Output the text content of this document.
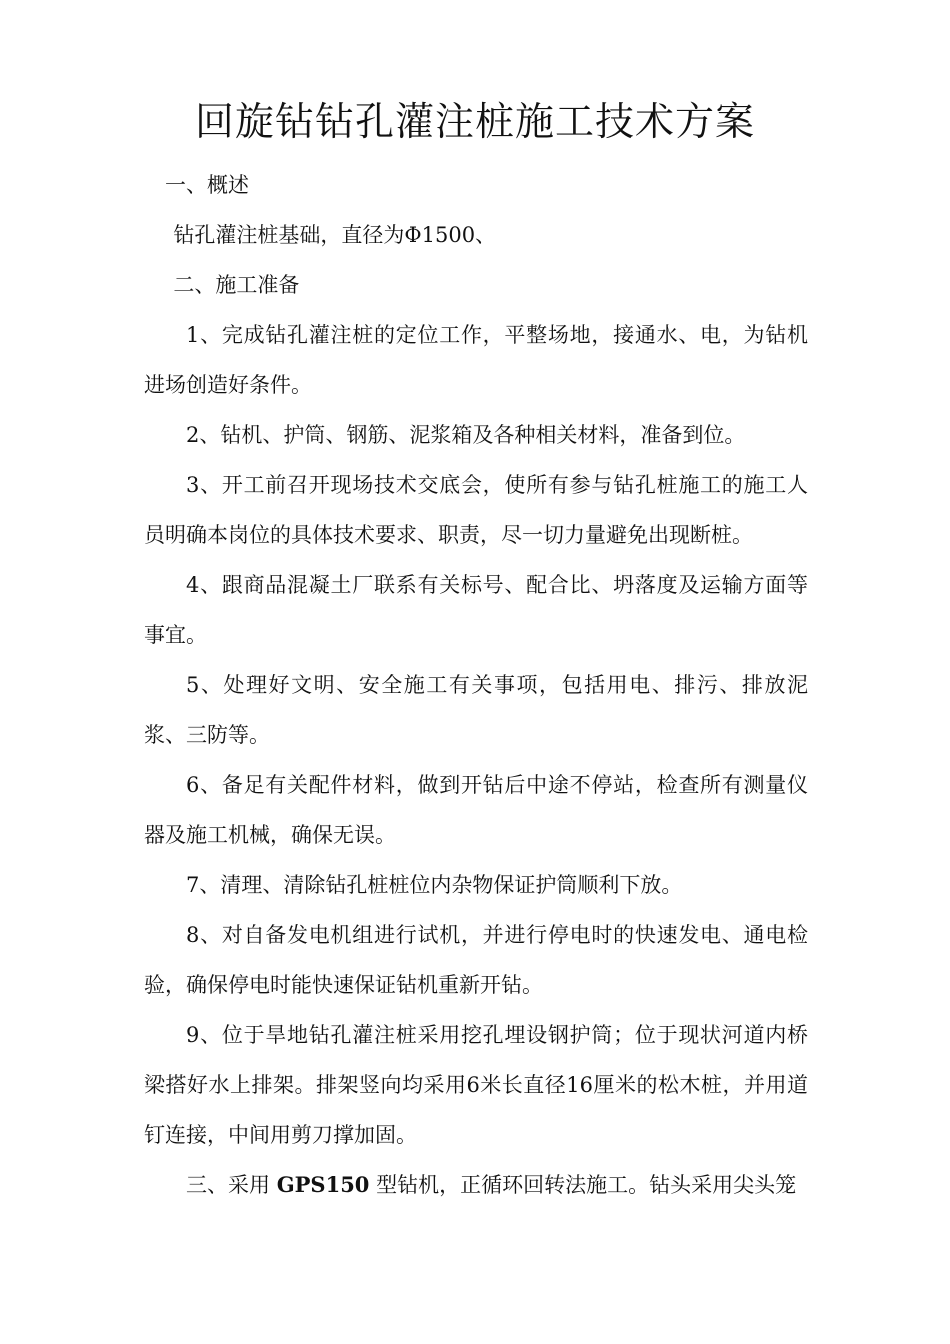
回旋钻钻孔灌注桩施工技术方案

一、概述

钻孔灌注桩基础，直径为Φ1500、

二、施工准备

1、完成钻孔灌注桩的定位工作，平整场地，接通水、电，为钻机进场创造好条件。

2、钻机、护筒、钢筋、泥浆箱及各种相关材料，准备到位。

3、开工前召开现场技术交底会，使所有参与钻孔桩施工的施工人员明确本岗位的具体技术要求、职责，尽一切力量避免出现断桩。

4、跟商品混凝土厂联系有关标号、配合比、坍落度及运输方面等事宜。

5、处理好文明、安全施工有关事项，包括用电、排污、排放泥浆、三防等。

6、备足有关配件材料，做到开钻后中途不停站，检查所有测量仪器及施工机械，确保无误。

7、清理、清除钻孔桩桩位内杂物保证护筒顺利下放。

8、对自备发电机组进行试机，并进行停电时的快速发电、通电检验，确保停电时能快速保证钻机重新开钻。

9、位于旱地钻孔灌注桩采用挖孔埋设钢护筒；位于现状河道内桥梁搭好水上排架。排架竖向均采用6米长直径16厘米的松木桩，并用道钉连接，中间用剪刀撑加固。

三、采用 GPS150 型钻机，正循环回转法施工。钻头采用尖头笼
